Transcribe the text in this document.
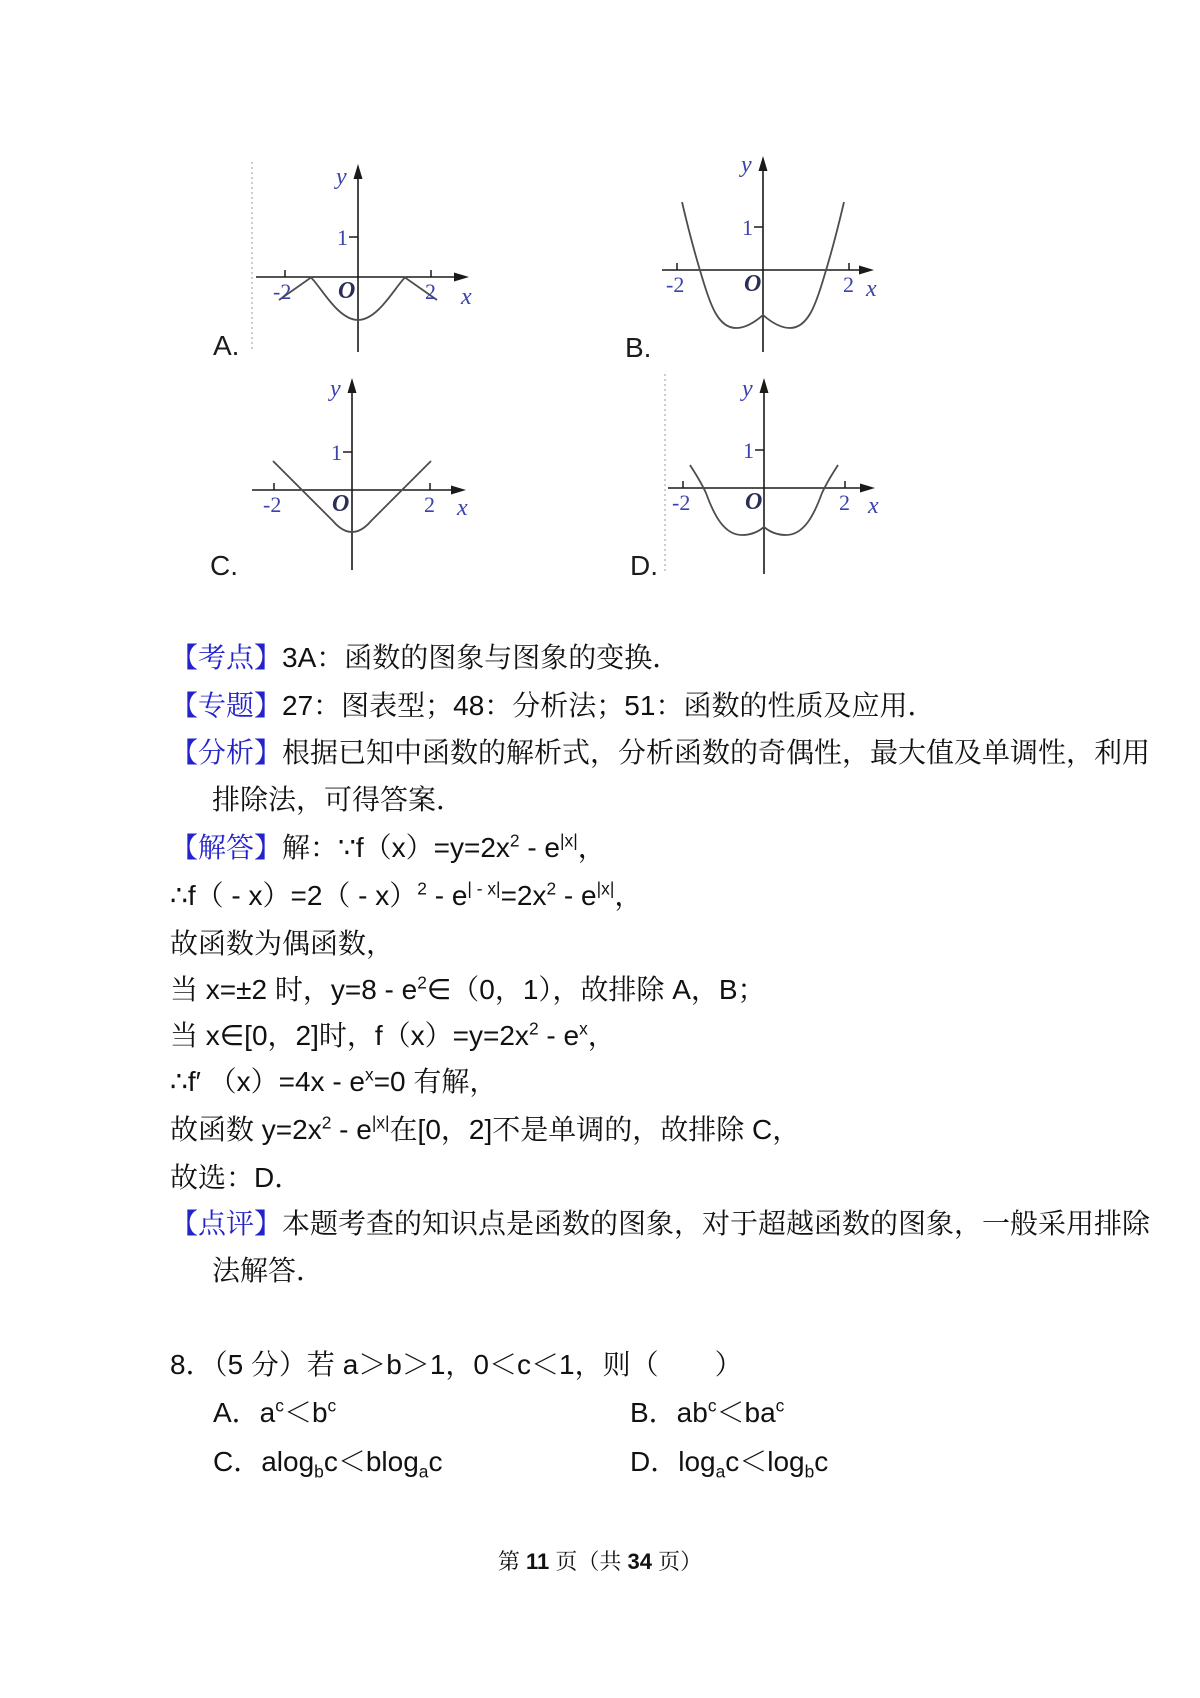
y
1
-2 O	2 x
y
1
-2 O	2 x
y
1
-2 O	2 x
y
1
-2 O	2 x
A.	B.
C.	D.
【考点】3A：函数的图象与图象的变换．
【专题】27：图表型；48：分析法；51：函数的性质及应用．
【分析】根据已知中函数的解析式，分析函数的奇偶性，最大值及单调性，利用
排除法，可得答案．
【解答】解：$\because f(x)=y=2x^2 - e^{|x|}$，
∴f（ - $x)=2( - x)^2 - e^{| - x|}=2x^2 - e^{|x|}$，
故函数为偶函数，
当 x=±2 时，$y=8 - e^2\in(0$，1），故排除 A，B；
当 x∈[0，2]时，$f(x)=y=2x^2 - e^x$，
∴f′ $(x)=4x - e^x=0$ 有解，
故函数 $y=2x^2 - e^{|x|}$在[0，2]不是单调的，故排除 C，
故选：D．
【点评】本题考查的知识点是函数的图象，对于超越函数的图象，一般采用排除
法解答．
8．（5 分）若 a＞b＞1，0＜c＜1，则（　　）
A．$a^c<b^c$	B．$ab^c<ba^c$
C．alog$_b$c＜blog$_a$c	D．$\log_ac<\log_bc$
第 11 页（共 34 页）
